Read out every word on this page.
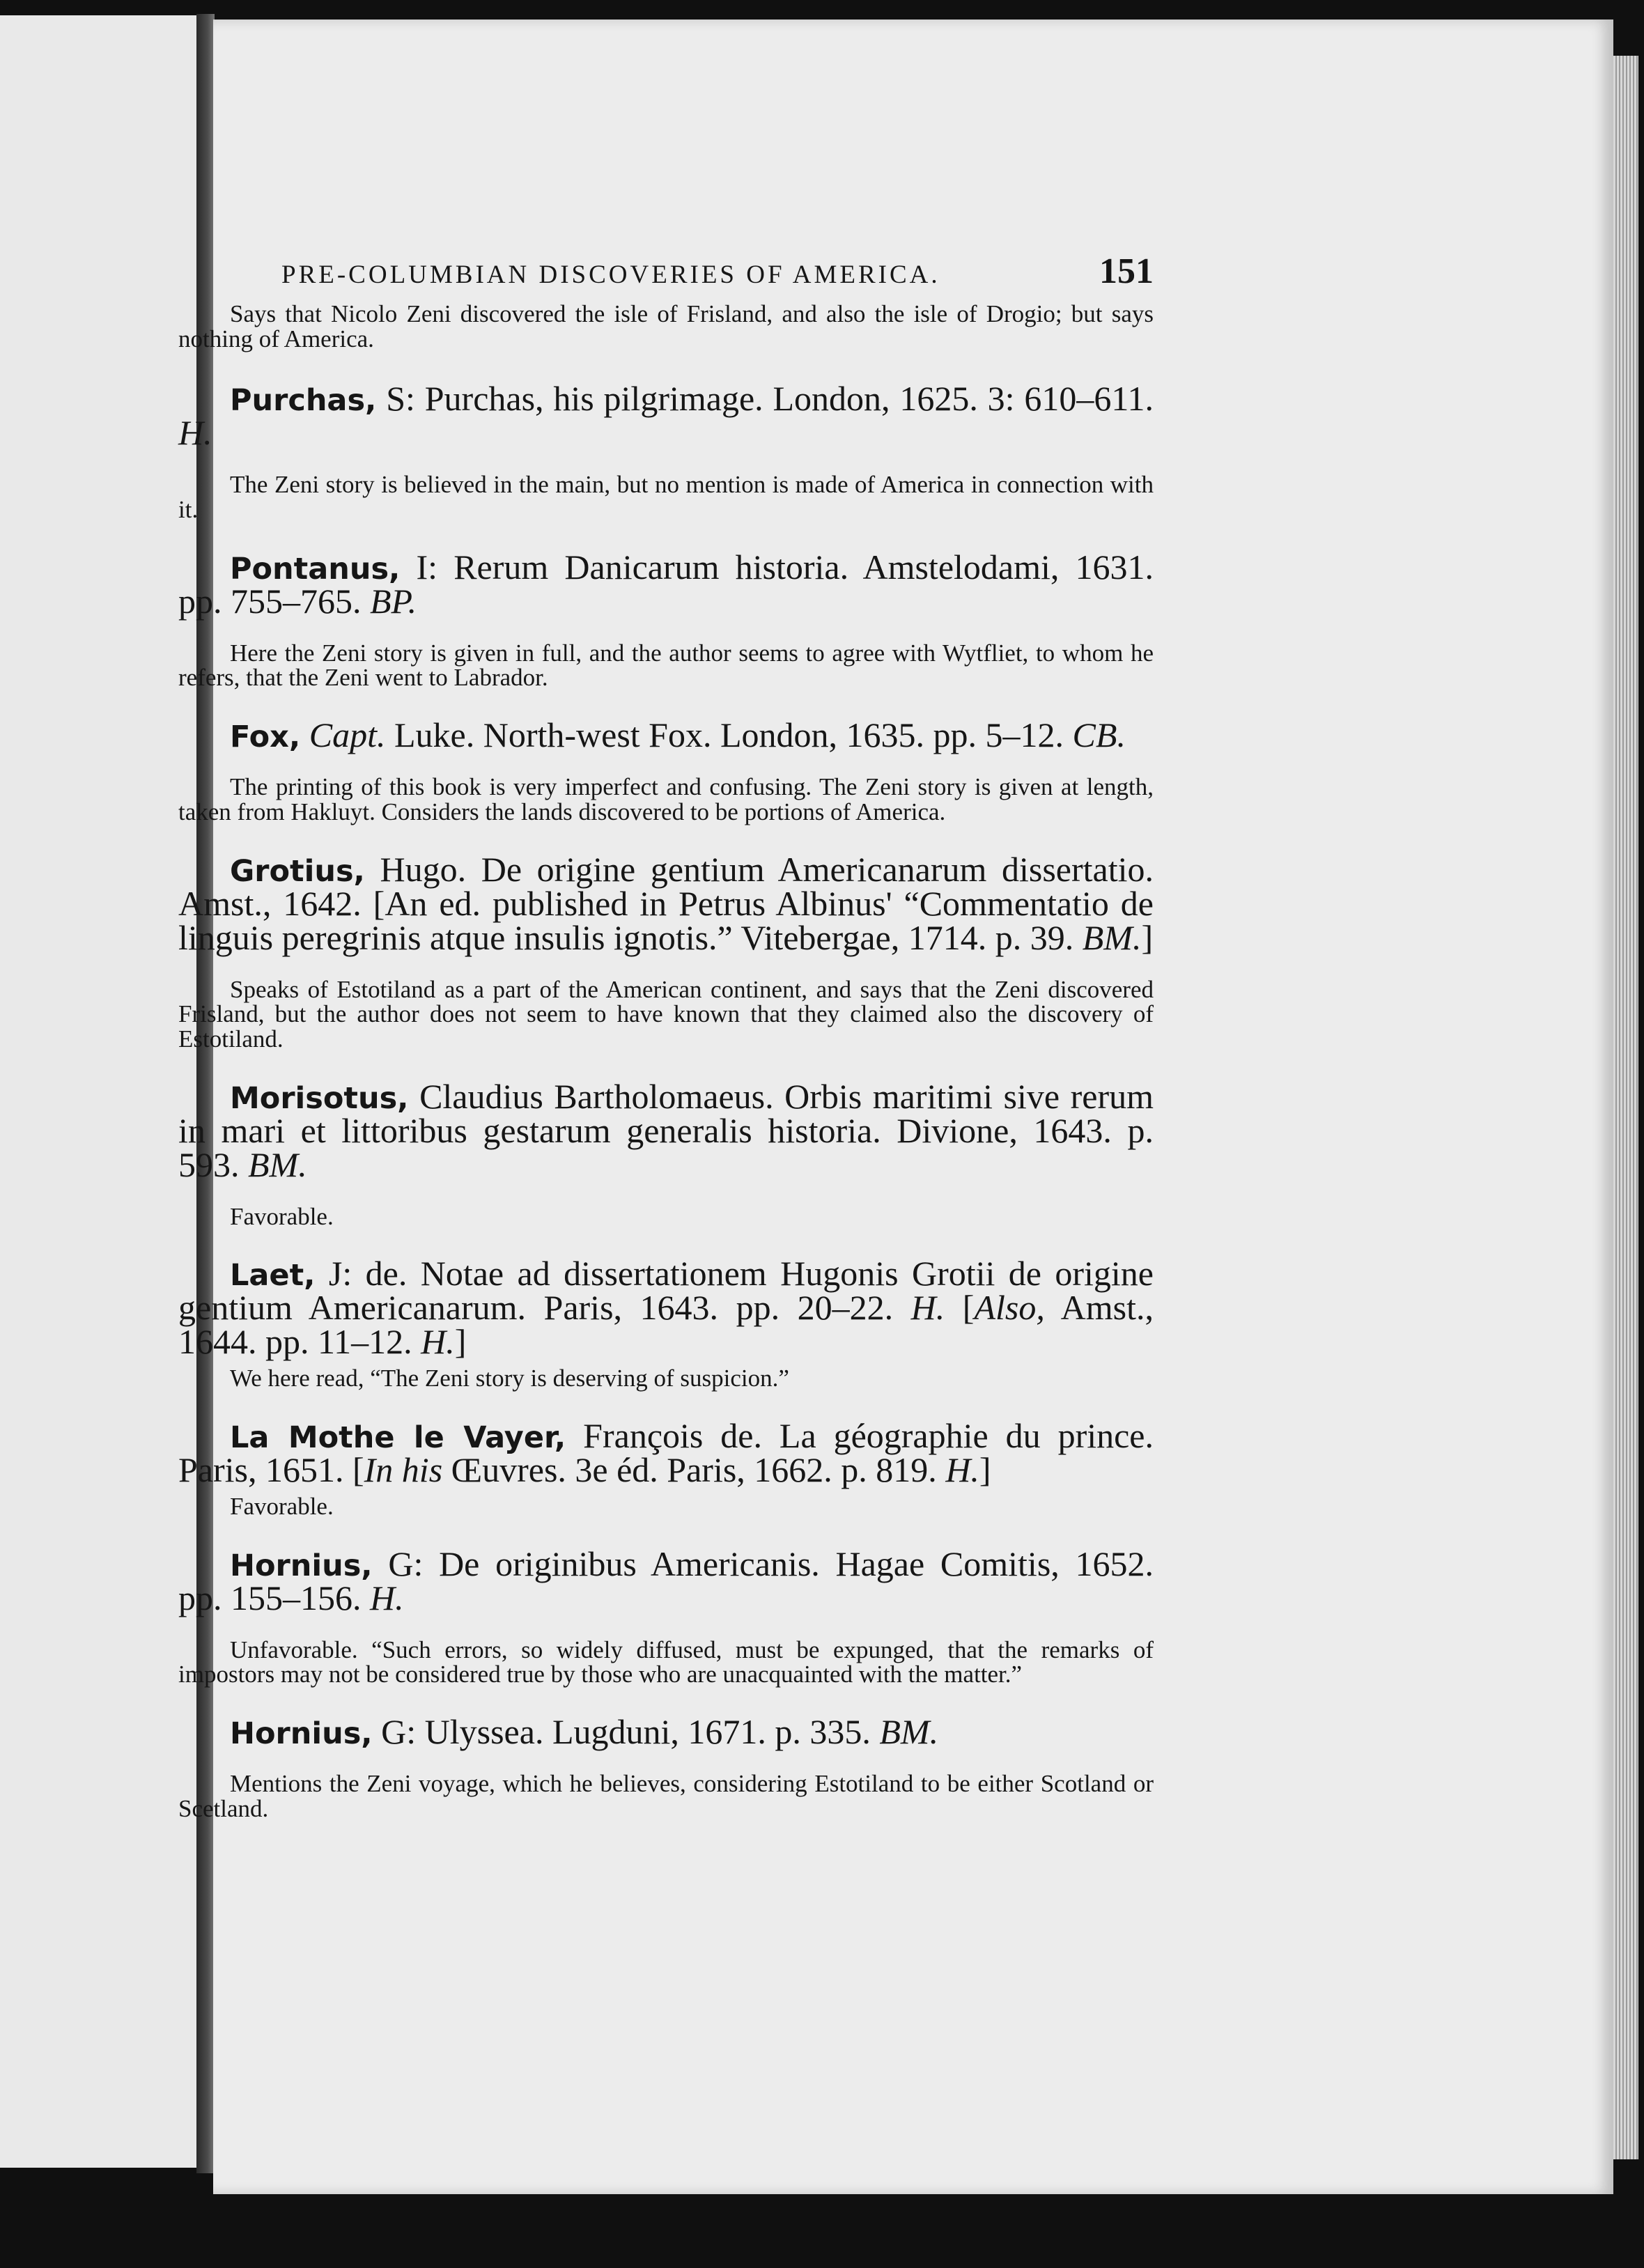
PRE-COLUMBIAN DISCOVERIES OF AMERICA.	151

Says that Nicolo Zeni discovered the isle of Frisland, and also the isle of Drogio; but says nothing of America.

Purchas, S: Purchas, his pilgrimage. London, 1625. 3: 610–611. H.

The Zeni story is believed in the main, but no mention is made of America in connection with it.

Pontanus, I: Rerum Danicarum historia. Amstelodami, 1631. pp. 755–765. BP.

Here the Zeni story is given in full, and the author seems to agree with Wytfliet, to whom he refers, that the Zeni went to Labrador.

Fox, Capt. Luke. North-west Fox. London, 1635. pp. 5–12. CB.

The printing of this book is very imperfect and confusing. The Zeni story is given at length, taken from Hakluyt. Considers the lands discovered to be portions of America.

Grotius, Hugo. De origine gentium Americanarum dissertatio. Amst., 1642. [An ed. published in Petrus Albinus' “Commentatio de linguis peregrinis atque insulis ignotis.” Vitebergae, 1714. p. 39. BM.]

Speaks of Estotiland as a part of the American continent, and says that the Zeni discovered Frisland, but the author does not seem to have known that they claimed also the discovery of Estotiland.

Morisotus, Claudius Bartholomaeus. Orbis maritimi sive rerum in mari et littoribus gestarum generalis historia. Divione, 1643. p. 593. BM.

Favorable.

Laet, J: de. Notae ad dissertationem Hugonis Grotii de origine gentium Americanarum. Paris, 1643. pp. 20–22. H. [Also, Amst., 1644. pp. 11–12. H.]

We here read, “The Zeni story is deserving of suspicion.”

La Mothe le Vayer, François de. La géographie du prince. Paris, 1651. [In his Œuvres. 3e éd. Paris, 1662. p. 819. H.]

Favorable.

Hornius, G: De originibus Americanis. Hagae Comitis, 1652. pp. 155–156. H.

Unfavorable. “Such errors, so widely diffused, must be expunged, that the remarks of impostors may not be considered true by those who are unacquainted with the matter.”

Hornius, G: Ulyssea. Lugduni, 1671. p. 335. BM.

Mentions the Zeni voyage, which he believes, considering Estotiland to be either Scotland or Scetland.
